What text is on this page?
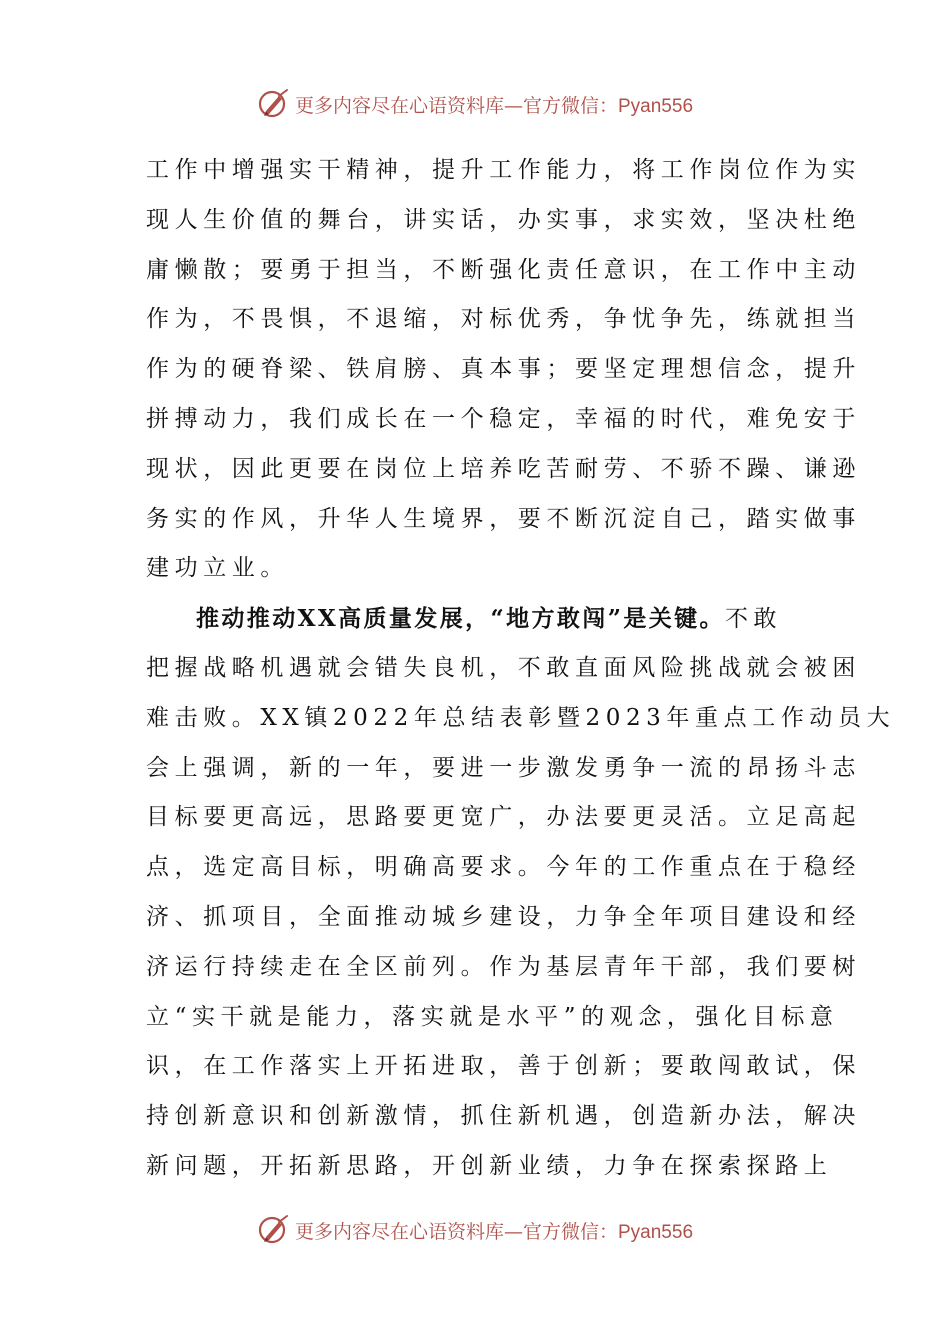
更多内容尽在心语资料库—官方微信：Pyan556
工作中增强实干精神，提升工作能力，将工作岗位作为实
现人生价值的舞台，讲实话，办实事，求实效，坚决杜绝
庸懒散；要勇于担当，不断强化责任意识，在工作中主动
作为，不畏惧，不退缩，对标优秀，争忧争先，练就担当
作为的硬脊梁、铁肩膀、真本事；要坚定理想信念，提升
拼搏动力，我们成长在一个稳定，幸福的时代，难免安于
现状，因此更要在岗位上培养吃苦耐劳、不骄不躁、谦逊
务实的作风，升华人生境界，要不断沉淀自己，踏实做事
建功立业。
推动推动XX高质量发展，“地方敢闯”是关键。不敢
把握战略机遇就会错失良机，不敢直面风险挑战就会被困
难击败。XX镇2022年总结表彰暨2023年重点工作动员大
会上强调，新的一年，要进一步激发勇争一流的昂扬斗志
目标要更高远，思路要更宽广，办法要更灵活。立足高起
点，选定高目标，明确高要求。今年的工作重点在于稳经
济、抓项目，全面推动城乡建设，力争全年项目建设和经
济运行持续走在全区前列。作为基层青年干部，我们要树
立“实干就是能力，落实就是水平”的观念，强化目标意
识，在工作落实上开拓进取，善于创新；要敢闯敢试，保
持创新意识和创新激情，抓住新机遇，创造新办法，解决
新问题，开拓新思路，开创新业绩，力争在探索探路上
更多内容尽在心语资料库—官方微信：Pyan556
